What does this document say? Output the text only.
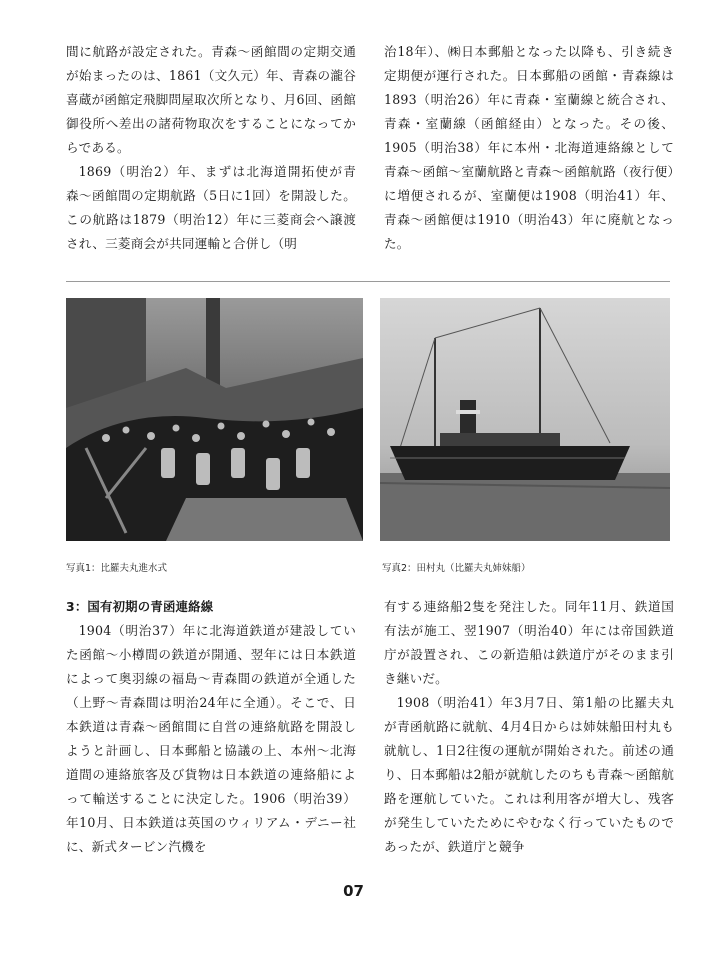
間に航路が設定された。青森〜函館間の定期交通が始まったのは、1861（文久元）年、青森の瀧谷喜蔵が函館定飛脚問屋取次所となり、月6回、函館御役所へ差出の諸荷物取次をすることになってからである。

1869（明治2）年、まずは北海道開拓使が青森〜函館間の定期航路（5日に1回）を開設した。この航路は1879（明治12）年に三菱商会へ譲渡され、三菱商会が共同運輸と合併し（明

治18年）、㈱日本郵船となった以降も、引き続き定期便が運行された。日本郵船の函館・青森線は1893（明治26）年に青森・室蘭線と統合され、青森・室蘭線（函館経由）となった。その後、1905（明治38）年に本州・北海道連絡線として青森〜函館〜室蘭航路と青森〜函館航路（夜行便）に増便されるが、室蘭便は1908（明治41）年、青森〜函館便は1910（明治43）年に廃航となった。

写真1：比羅夫丸進水式	写真2：田村丸（比羅夫丸姉妹船）

3：国有初期の青函連絡線

1904（明治37）年に北海道鉄道が建設していた函館〜小樽間の鉄道が開通、翌年には日本鉄道によって奥羽線の福島〜青森間の鉄道が全通した（上野〜青森間は明治24年に全通）。そこで、日本鉄道は青森〜函館間に自営の連絡航路を開設しようと計画し、日本郵船と協議の上、本州〜北海道間の連絡旅客及び貨物は日本鉄道の連絡船によって輸送することに決定した。1906（明治39）年10月、日本鉄道は英国のウィリアム・デニー社に、新式タービン汽機を

有する連絡船2隻を発注した。同年11月、鉄道国有法が施工、翌1907（明治40）年には帝国鉄道庁が設置され、この新造船は鉄道庁がそのまま引き継いだ。

1908（明治41）年3月7日、第1船の比羅夫丸が青函航路に就航、4月4日からは姉妹船田村丸も就航し、1日2往復の運航が開始された。前述の通り、日本郵船は2船が就航したのちも青森〜函館航路を運航していた。これは利用客が増大し、残客が発生していたためにやむなく行っていたものであったが、鉄道庁と競争

07
